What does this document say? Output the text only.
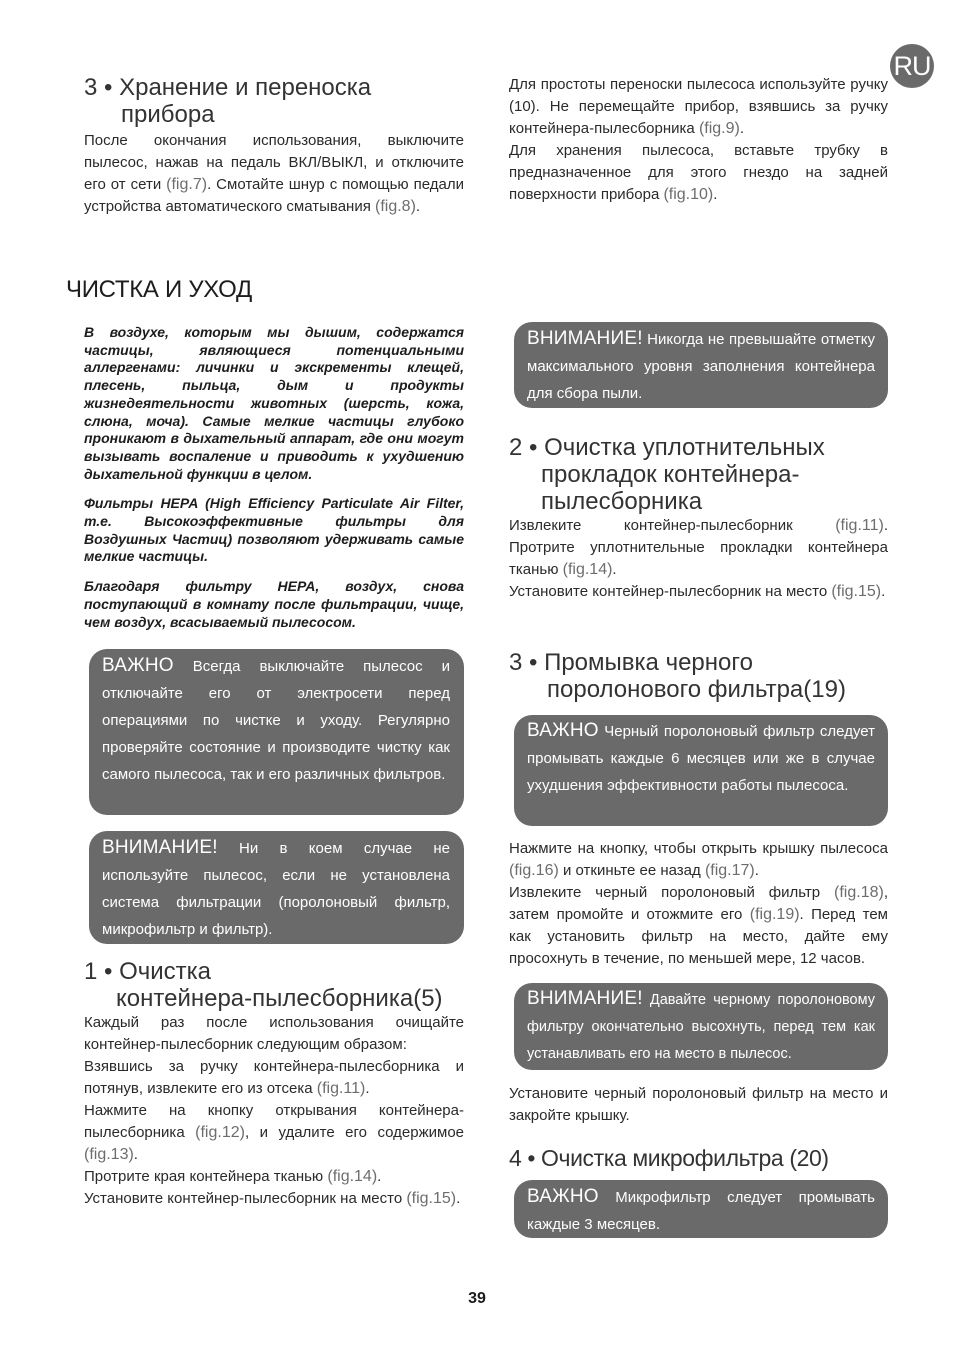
RU
3 • Хранение и переноска
прибора

После окончания использования, выключите пылесос, нажав на педаль ВКЛ/ВЫКЛ, и отключите его от сети (fig.7). Смотайте шнур с помощью педали устройства автоматического сматывания (fig.8).

Для простоты переноски пылесоса используйте ручку (10). Не перемещайте прибор, взявшись за ручку контейнера-пылесборника (fig.9).

Для хранения пылесоса, вставьте трубку в предназначенное для этого гнездо на задней поверхности прибора (fig.10).

ЧИСТКА И УХОД

В воздухе, которым мы дышим, содержатся частицы, являющиеся потенциальными аллергенами: личинки и экскременты клещей, плесень, пыльца, дым и продукты жизнедеятельности животных (шерсть, кожа, слюна, моча). Самые мелкие частицы глубоко проникают в дыхательный аппарат, где они могут вызывать воспаление и приводить к ухудшению дыхательной функции в целом.

Фильтры HEPA (High Efficiency Particulate Air Filter, т.е. Высокоэффективные фильтры для Воздушных Частиц) позволяют удерживать самые мелкие частицы.

Благодаря фильтру HEPA, воздух, снова поступающий в комнату после фильтрации, чище, чем воздух, всасываемый пылесосом.

ВАЖНО Всегда выключайте пылесос и отключайте его от электросети перед операциями по чистке и уходу. Регулярно проверяйте состояние и производите чистку как самого пылесоса, так и его различных фильтров.

ВНИМАНИЕ! Ни в коем случае не используйте пылесос, если не установлена система фильтрации (поролоновый фильтр, микрофильтр и фильтр).

1 • Очистка
контейнера-пылесборника(5)

Каждый раз после использования очищайте контейнер-пылесборник следующим образом:

Взявшись за ручку контейнера-пылесборника и потянув, извлеките его из отсека (fig.11).

Нажмите на кнопку открывания контейнера-пылесборника (fig.12), и удалите его содержимое (fig.13).

Протрите края контейнера тканью (fig.14).

Установите контейнер-пылесборник на место (fig.15).

ВНИМАНИЕ! Никогда не превышайте отметку максимального уровня заполнения контейнера для сбора пыли.

2 • Очистка уплотнительных
прокладок контейнера-
пылесборника

Извлеките контейнер-пылесборник (fig.11).

Протрите уплотнительные прокладки контейнера тканью (fig.14).

Установите контейнер-пылесборник на место (fig.15).

3 • Промывка черного
поролонового фильтра(19)

ВАЖНО Черный поролоновый фильтр следует промывать каждые 6 месяцев или же в случае ухудшения эффективности работы пылесоса.

Нажмите на кнопку, чтобы открыть крышку пылесоса (fig.16) и откиньте ее назад (fig.17).

Извлеките черный поролоновый фильтр (fig.18), затем промойте и отожмите его (fig.19). Перед тем как установить фильтр на место, дайте ему просохнуть в течение, по меньшей мере, 12 часов.

ВНИМАНИЕ! Давайте черному поролоновому фильтру окончательно высохнуть, перед тем как устанавливать его на место в пылесос.

Установите черный поролоновый фильтр на место и закройте крышку.

4 • Очистка микрофильтра (20)

ВАЖНО Микрофильтр следует промывать каждые 3 месяцев.

39
